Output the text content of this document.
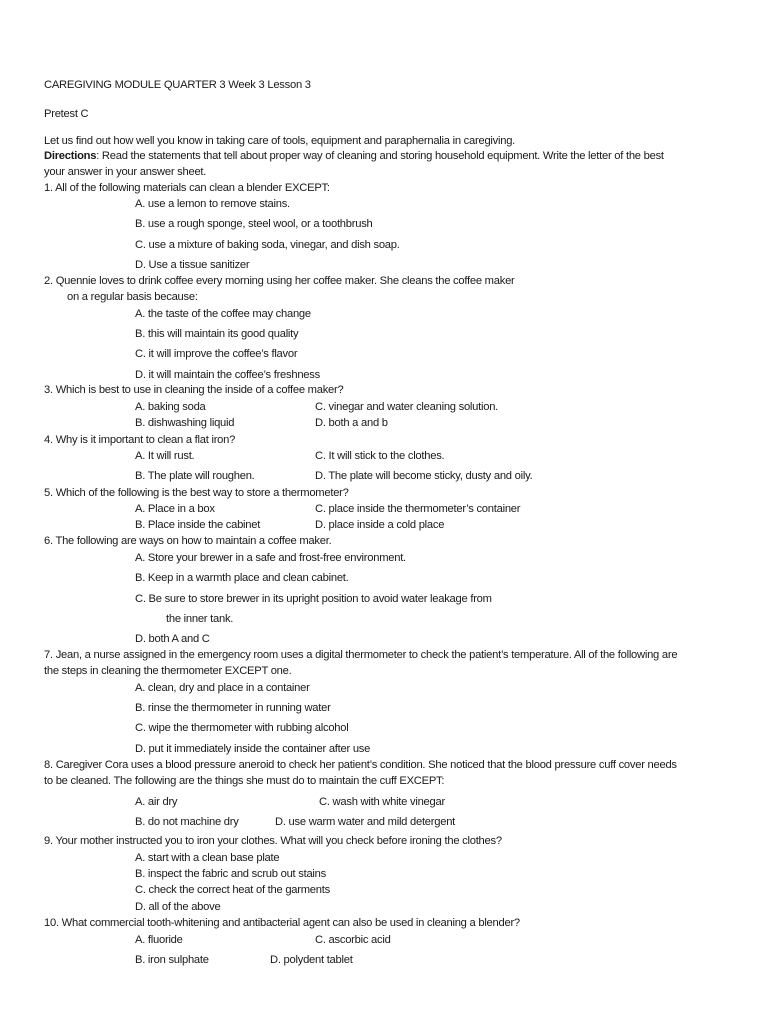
CAREGIVING MODULE QUARTER 3 Week 3 Lesson 3
Pretest C
Let us find out how well you know in taking care of tools, equipment and paraphernalia in caregiving.
Directions: Read the statements that tell about proper way of cleaning and storing household equipment. Write the letter of the best
your answer in your answer sheet.
1. All of the following materials can clean a blender EXCEPT:
A. use a lemon to remove stains.
B. use a rough sponge, steel wool, or a toothbrush
C. use a mixture of baking soda, vinegar, and dish soap.
D. Use a tissue sanitizer
2. Quennie loves to drink coffee every morning using her coffee maker. She cleans the coffee maker
on a regular basis because:
A. the taste of the coffee may change
B. this will maintain its good quality
C. it will improve the coffee’s flavor
D. it will maintain the coffee’s freshness
3. Which is best to use in cleaning the inside of a coffee maker?
A. baking soda	C. vinegar and water cleaning solution.
B. dishwashing liquid	D. both a and b
4. Why is it important to clean a flat iron?
A. It will rust.	C. It will stick to the clothes.
B. The plate will roughen.	D. The plate will become sticky, dusty and oily.
5. Which of the following is the best way to store a thermometer?
A. Place in a box	C. place inside the thermometer’s container
B. Place inside the cabinet	D. place inside a cold place
6. The following are ways on how to maintain a coffee maker.
A. Store your brewer in a safe and frost-free environment.
B. Keep in a warmth place and clean cabinet.
C. Be sure to store brewer in its upright position to avoid water leakage from
the inner tank.
D. both A and C
7. Jean, a nurse assigned in the emergency room uses a digital thermometer to check the patient’s temperature. All of the following are
the steps in cleaning the thermometer EXCEPT one.
A. clean, dry and place in a container
B. rinse the thermometer in running water
C. wipe the thermometer with rubbing alcohol
D. put it immediately inside the container after use
8. Caregiver Cora uses a blood pressure aneroid to check her patient’s condition. She noticed that the blood pressure cuff cover needs
to be cleaned. The following are the things she must do to maintain the cuff EXCEPT:
A. air dry	C. wash with white vinegar
B. do not machine dry	D. use warm water and mild detergent
9. Your mother instructed you to iron your clothes. What will you check before ironing the clothes?
A. start with a clean base plate
B. inspect the fabric and scrub out stains
C. check the correct heat of the garments
D. all of the above
10. What commercial tooth-whitening and antibacterial agent can also be used in cleaning a blender?
A. fluoride	C. ascorbic acid
B. iron sulphate	D. polydent tablet
